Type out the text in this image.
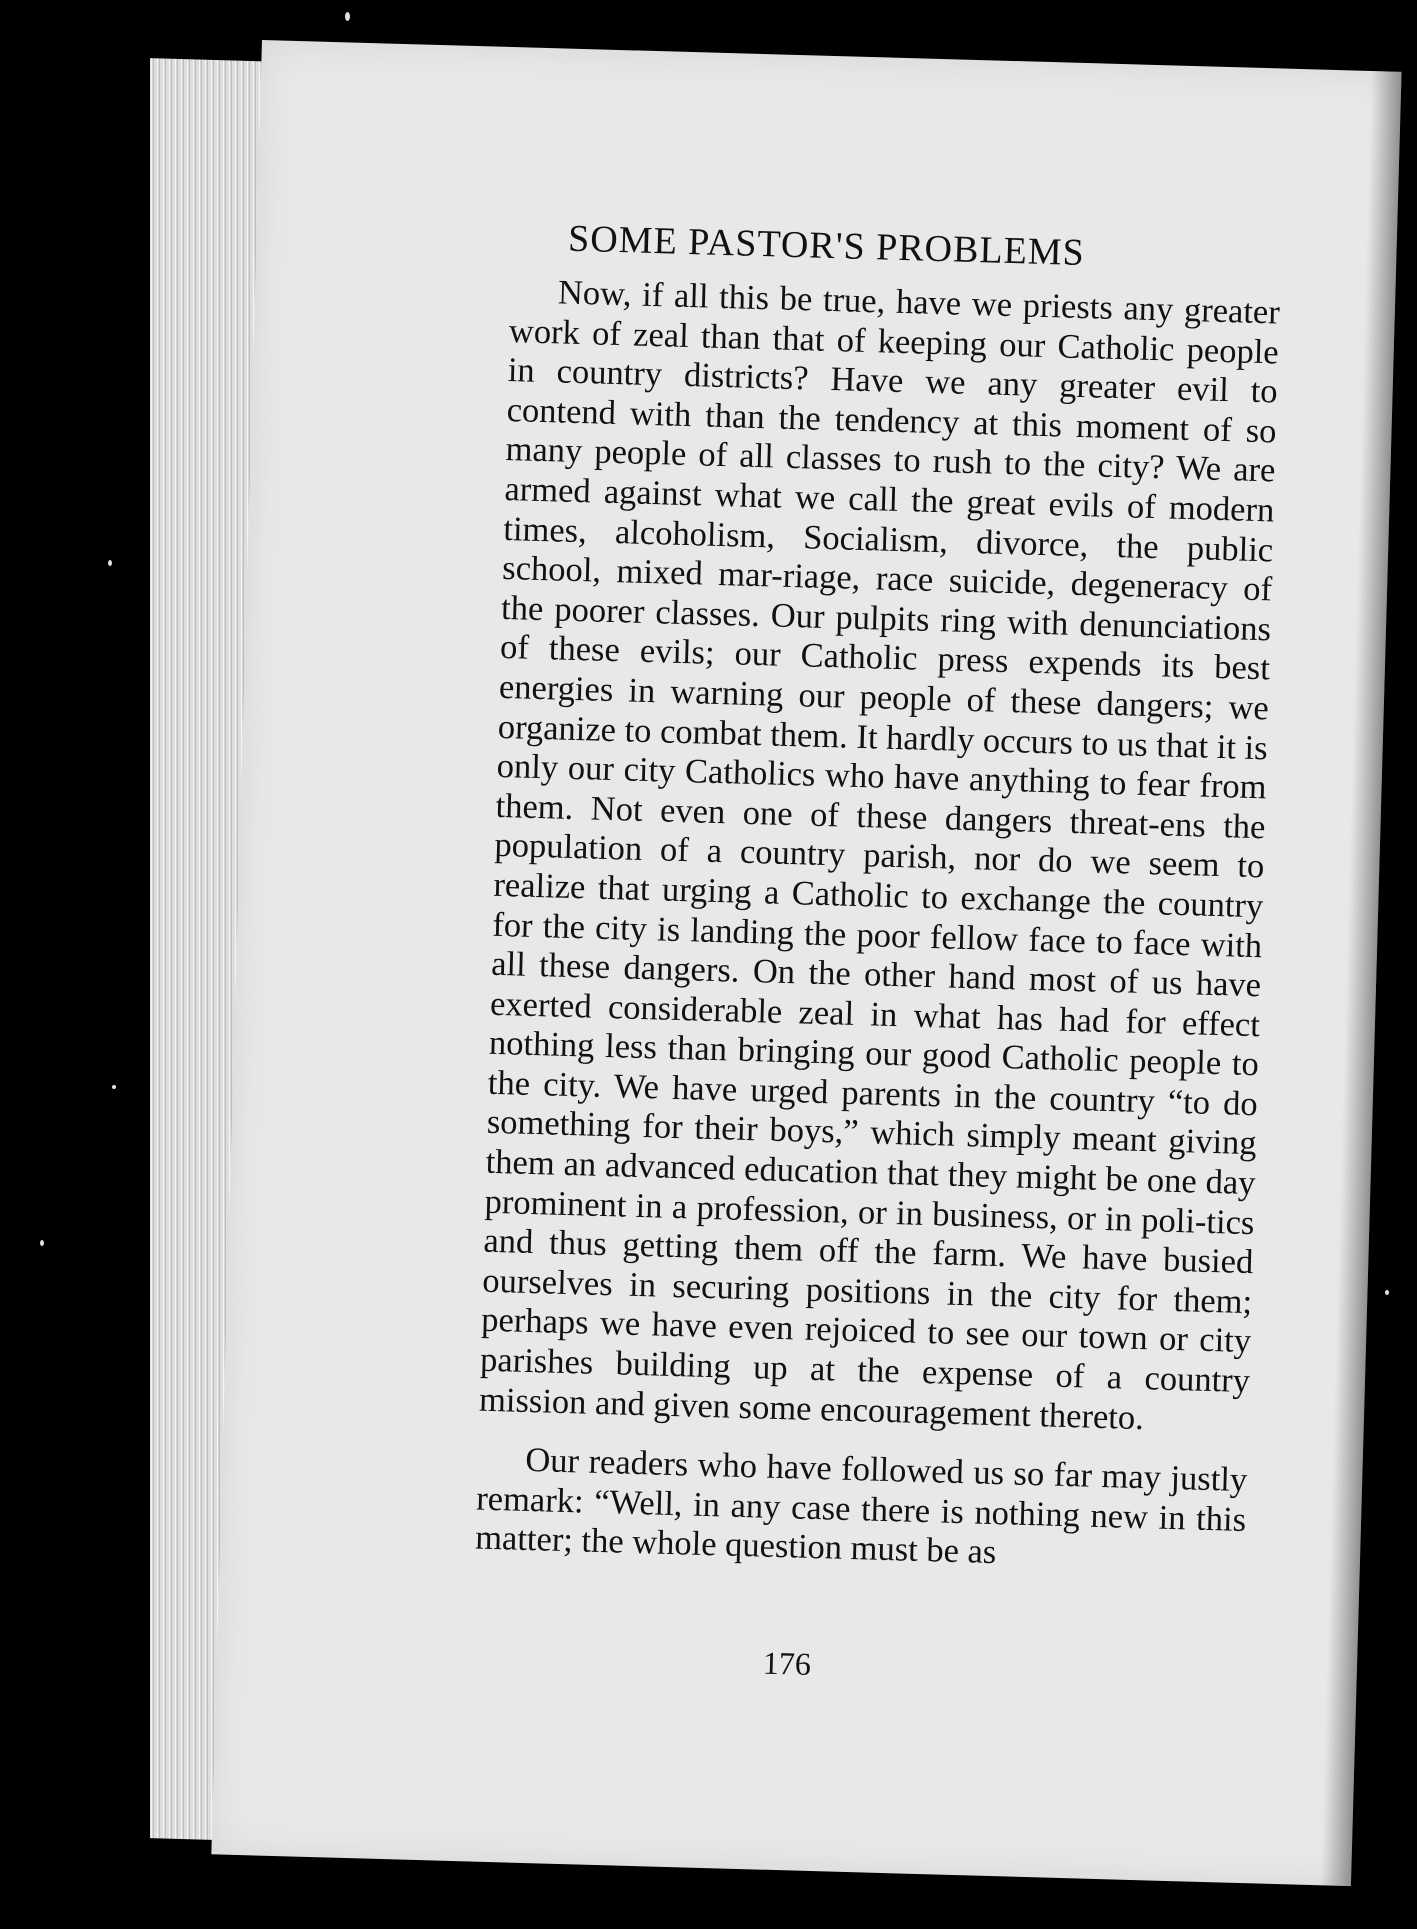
SOME PASTOR'S PROBLEMS

Now, if all this be true, have we priests any greater work of zeal than that of keeping our Catholic people in country districts? Have we any greater evil to contend with than the tendency at this moment of so many people of all classes to rush to the city? We are armed against what we call the great evils of modern times, alcoholism, Socialism, divorce, the public school, mixed mar-riage, race suicide, degeneracy of the poorer classes. Our pulpits ring with denunciations of these evils; our Catholic press expends its best energies in warning our people of these dangers; we organize to combat them. It hardly occurs to us that it is only our city Catholics who have anything to fear from them. Not even one of these dangers threat-ens the population of a country parish, nor do we seem to realize that urging a Catholic to exchange the country for the city is landing the poor fellow face to face with all these dangers. On the other hand most of us have exerted considerable zeal in what has had for effect nothing less than bringing our good Catholic people to the city. We have urged parents in the country “to do something for their boys,” which simply meant giving them an advanced education that they might be one day prominent in a profession, or in business, or in poli-tics and thus getting them off the farm. We have busied ourselves in securing positions in the city for them; perhaps we have even rejoiced to see our town or city parishes building up at the expense of a country mission and given some encouragement thereto.

Our readers who have followed us so far may justly remark: “Well, in any case there is nothing new in this matter; the whole question must be as

176
